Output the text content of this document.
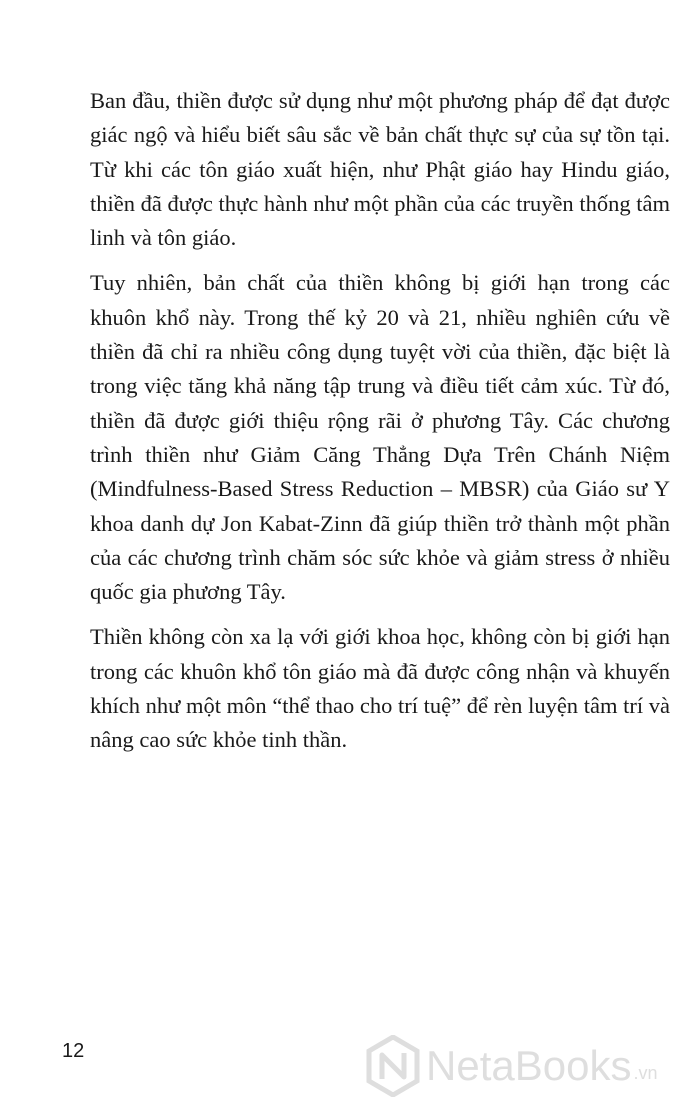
Ban đầu, thiền được sử dụng như một phương pháp để đạt được giác ngộ và hiểu biết sâu sắc về bản chất thực sự của sự tồn tại. Từ khi các tôn giáo xuất hiện, như Phật giáo hay Hindu giáo, thiền đã được thực hành như một phần của các truyền thống tâm linh và tôn giáo.

Tuy nhiên, bản chất của thiền không bị giới hạn trong các khuôn khổ này. Trong thế kỷ 20 và 21, nhiều nghiên cứu về thiền đã chỉ ra nhiều công dụng tuyệt vời của thiền, đặc biệt là trong việc tăng khả năng tập trung và điều tiết cảm xúc. Từ đó, thiền đã được giới thiệu rộng rãi ở phương Tây. Các chương trình thiền như Giảm Căng Thẳng Dựa Trên Chánh Niệm (Mindfulness-Based Stress Reduction – MBSR) của Giáo sư Y khoa danh dự Jon Kabat-Zinn đã giúp thiền trở thành một phần của các chương trình chăm sóc sức khỏe và giảm stress ở nhiều quốc gia phương Tây.

Thiền không còn xa lạ với giới khoa học, không còn bị giới hạn trong các khuôn khổ tôn giáo mà đã được công nhận và khuyến khích như một môn “thể thao cho trí tuệ” để rèn luyện tâm trí và nâng cao sức khỏe tinh thần.

12	NetaBooks .vn
